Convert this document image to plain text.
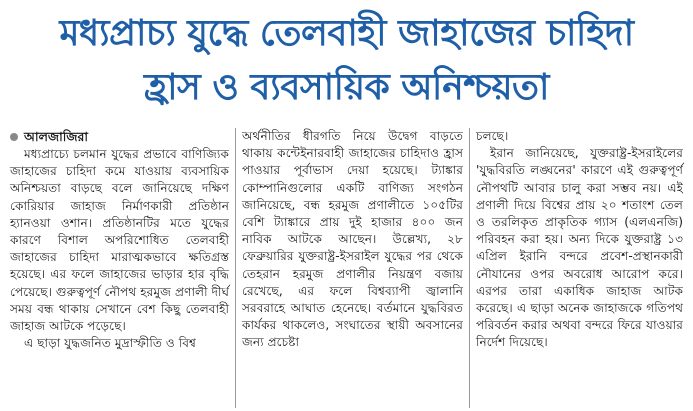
মধ্যপ্রাচ্য যুদ্ধে তেলবাহী জাহাজের চাহিদা
হ্রাস ও ব্যবসায়িক অনিশ্চয়তা
আলজাজিরা

মধ্যপ্রাচ্যে চলমান যুদ্ধের প্রভাবে বাণিজ্যিক জাহাজের চাহিদা কমে যাওয়ায় ব্যবসায়িক অনিশ্চয়তা বাড়ছে বলে জানিয়েছে দক্ষিণ কোরিয়ার জাহাজ নির্মাণকারী প্রতিষ্ঠান হ্যানওয়া ওশান। প্রতিষ্ঠানটির মতে যুদ্ধের কারণে বিশাল অপরিশোধিত তেলবাহী জাহাজের চাহিদা মারাত্মকভাবে ক্ষতিগ্রস্ত হয়েছে। এর ফলে জাহাজের ভাড়ার হার বৃদ্ধি পেয়েছে। গুরুত্বপূর্ণ নৌপথ হরমুজ প্রণালী দীর্ঘ সময় বন্ধ থাকায় সেখানে বেশ কিছু তেলবাহী জাহাজ আটকে পড়েছে।

এ ছাড়া যুদ্ধজনিত মুদ্রাস্ফীতি ও বিশ্ব

অর্থনীতির ধীরগতি নিয়ে উদ্বেগ বাড়তে থাকায় কন্টেইনারবাহী জাহাজের চাহিদাও হ্রাস পাওয়ার পূর্বাভাস দেয়া হয়েছে। ট্যাঙ্কার কোম্পানিগুলোর একটি বাণিজ্য সংগঠন জানিয়েছে, বন্ধ হরমুজ প্রণালীতে ১০৫টির বেশি ট্যাঙ্কারে প্রায় দুই হাজার ৪০০ জন নাবিক আটকে আছেন। উল্লেখ্য, ২৮ ফেব্রুয়ারির যুক্তরাষ্ট্র-ইসরাইল যুদ্ধের পর থেকে তেহরান হরমুজ প্রণালীর নিয়ন্ত্রণ বজায় রেখেছে, এর ফলে বিশ্বব্যাপী জ্বালানি সরবরাহে আঘাত হেনেছে। বর্তমানে যুদ্ধবিরত কার্যকর থাকলেও, সংঘাতের স্থায়ী অবসানের জন্য প্রচেষ্টা

চলছে।

ইরান জানিয়েছে, যুক্তরাষ্ট্র-ইসরাইলের 'যুদ্ধবিরতি লঙ্ঘনের' কারণে এই গুরুত্বপূর্ণ নৌপথটি আবার চালু করা সম্ভব নয়। এই প্রণালী দিয়ে বিশ্বের প্রায় ২০ শতাংশ তেল ও তরলিকৃত প্রাকৃতিক গ্যাস (এলএনজি) পরিবহন করা হয়। অন্য দিকে যুক্তরাষ্ট্র ১৩ এপ্রিল ইরানি বন্দরে প্রবেশ-প্রস্থানকারী নৌযানের ওপর অবরোধ আরোপ করে। এরপর তারা একাধিক জাহাজ আটক করেছে। এ ছাড়া অনেক জাহাজকে গতিপথ পরিবর্তন করার অথবা বন্দরে ফিরে যাওয়ার নির্দেশ দিয়েছে।
